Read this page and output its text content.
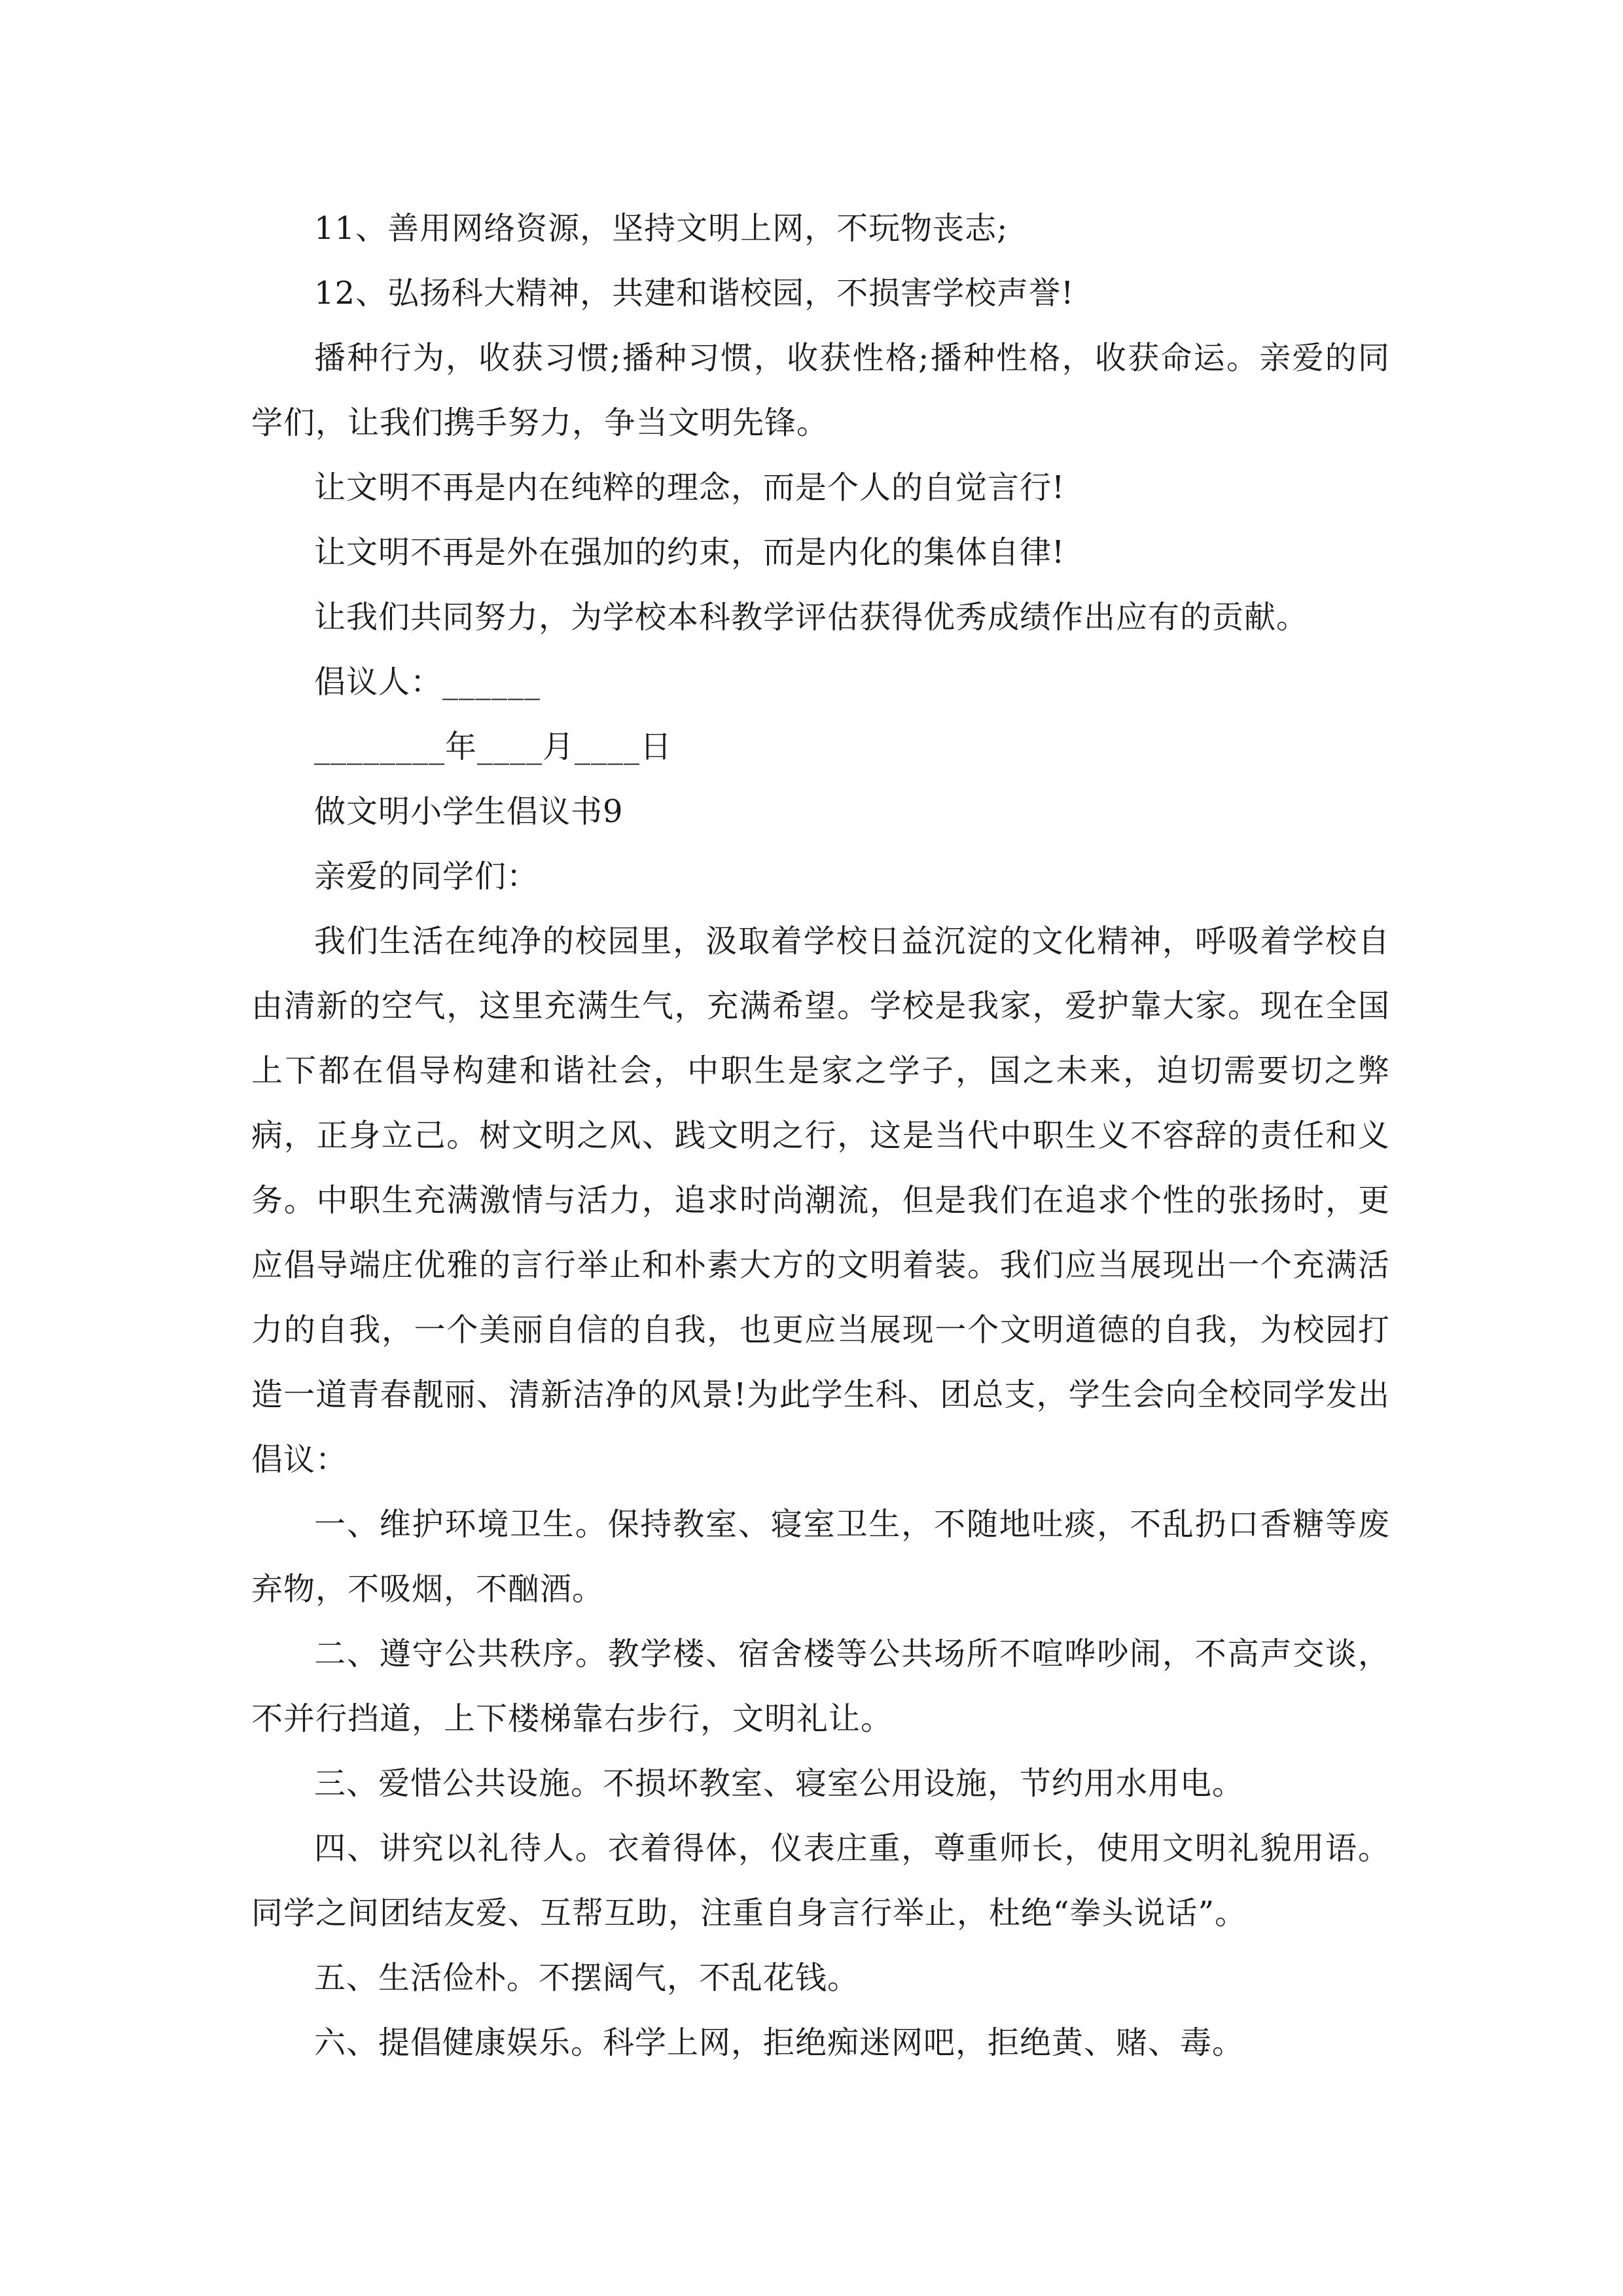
11、善用网络资源，坚持文明上网，不玩物丧志;

12、弘扬科大精神，共建和谐校园，不损害学校声誉!

播种行为，收获习惯;播种习惯，收获性格;播种性格，收获命运。亲爱的同学们，让我们携手努力，争当文明先锋。

让文明不再是内在纯粹的理念，而是个人的自觉言行!

让文明不再是外在强加的约束，而是内化的集体自律!

让我们共同努力，为学校本科教学评估获得优秀成绩作出应有的贡献。

倡议人：______

________年____月____日

做文明小学生倡议书9

亲爱的同学们：

我们生活在纯净的校园里，汲取着学校日益沉淀的文化精神，呼吸着学校自由清新的空气，这里充满生气，充满希望。学校是我家，爱护靠大家。现在全国上下都在倡导构建和谐社会，中职生是家之学子，国之未来，迫切需要切之弊病，正身立己。树文明之风、践文明之行，这是当代中职生义不容辞的责任和义务。中职生充满激情与活力，追求时尚潮流，但是我们在追求个性的张扬时，更应倡导端庄优雅的言行举止和朴素大方的文明着装。我们应当展现出一个充满活力的自我，一个美丽自信的自我，也更应当展现一个文明道德的自我，为校园打造一道青春靓丽、清新洁净的风景!为此学生科、团总支，学生会向全校同学发出倡议：

一、维护环境卫生。保持教室、寝室卫生，不随地吐痰，不乱扔口香糖等废弃物，不吸烟，不酗酒。

二、遵守公共秩序。教学楼、宿舍楼等公共场所不喧哗吵闹，不高声交谈，不并行挡道，上下楼梯靠右步行，文明礼让。

三、爱惜公共设施。不损坏教室、寝室公用设施，节约用水用电。

四、讲究以礼待人。衣着得体，仪表庄重，尊重师长，使用文明礼貌用语。同学之间团结友爱、互帮互助，注重自身言行举止，杜绝“拳头说话”。

五、生活俭朴。不摆阔气，不乱花钱。

六、提倡健康娱乐。科学上网，拒绝痴迷网吧，拒绝黄、赌、毒。
